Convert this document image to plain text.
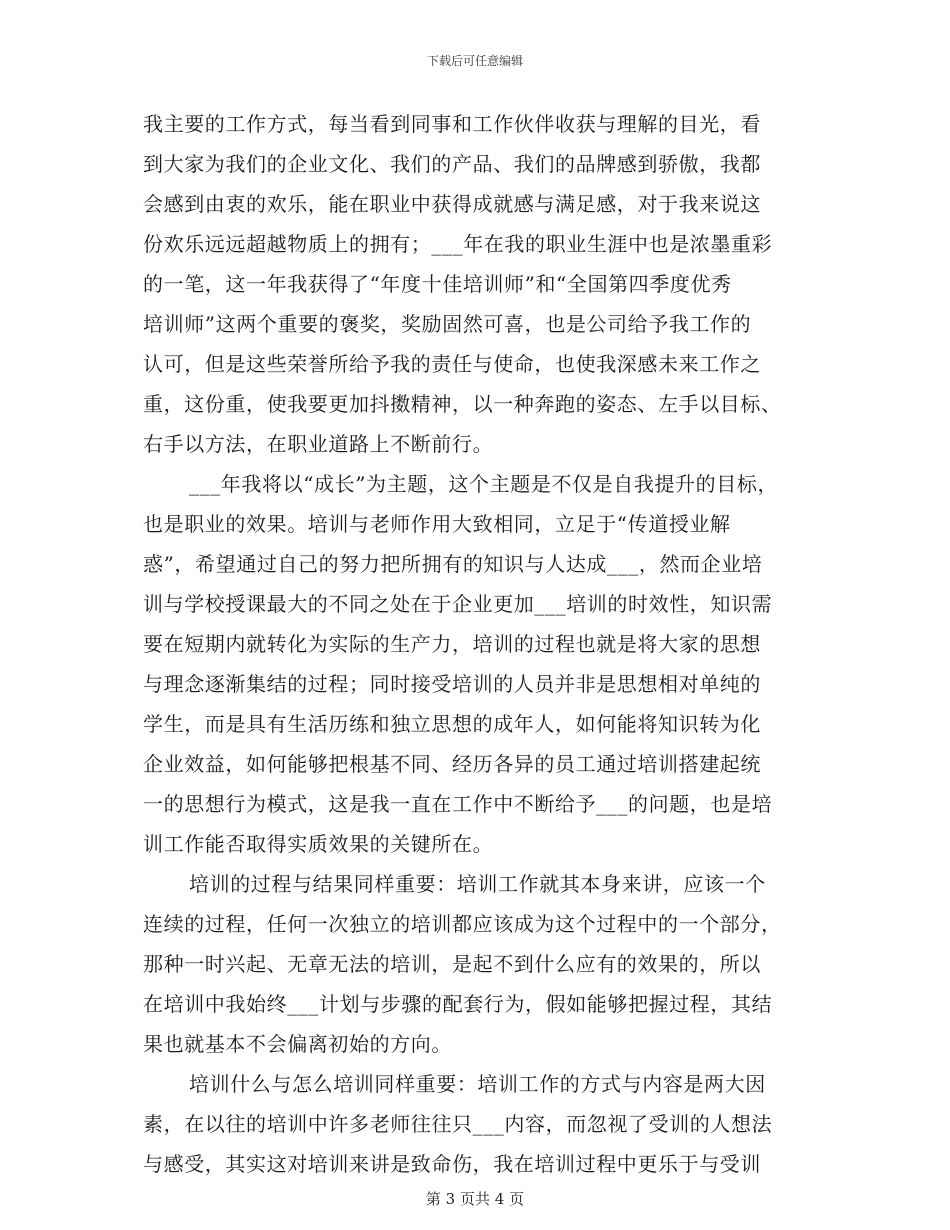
下载后可任意编辑
我主要的工作方式，每当看到同事和工作伙伴收获与理解的目光，看
到大家为我们的企业文化、我们的产品、我们的品牌感到骄傲，我都
会感到由衷的欢乐，能在职业中获得成就感与满足感，对于我来说这
份欢乐远远超越物质上的拥有；___年在我的职业生涯中也是浓墨重彩
的一笔，这一年我获得了“年度十佳培训师”和“全国第四季度优秀
培训师”这两个重要的褒奖，奖励固然可喜，也是公司给予我工作的
认可，但是这些荣誉所给予我的责任与使命，也使我深感未来工作之
重，这份重，使我要更加抖擞精神，以一种奔跑的姿态、左手以目标、
右手以方法，在职业道路上不断前行。
___年我将以“成长”为主题，这个主题是不仅是自我提升的目标，
也是职业的效果。培训与老师作用大致相同，立足于“传道授业解
惑”，希望通过自己的努力把所拥有的知识与人达成___，然而企业培
训与学校授课最大的不同之处在于企业更加___培训的时效性，知识需
要在短期内就转化为实际的生产力，培训的过程也就是将大家的思想
与理念逐渐集结的过程；同时接受培训的人员并非是思想相对单纯的
学生，而是具有生活历练和独立思想的成年人，如何能将知识转为化
企业效益，如何能够把根基不同、经历各异的员工通过培训搭建起统
一的思想行为模式，这是我一直在工作中不断给予___的问题，也是培
训工作能否取得实质效果的关键所在。
培训的过程与结果同样重要：培训工作就其本身来讲，应该一个
连续的过程，任何一次独立的培训都应该成为这个过程中的一个部分，
那种一时兴起、无章无法的培训，是起不到什么应有的效果的，所以
在培训中我始终___计划与步骤的配套行为，假如能够把握过程，其结
果也就基本不会偏离初始的方向。
培训什么与怎么培训同样重要：培训工作的方式与内容是两大因
素，在以往的培训中许多老师往往只___内容，而忽视了受训的人想法
与感受，其实这对培训来讲是致命伤，我在培训过程中更乐于与受训
第 3 页共 4 页
